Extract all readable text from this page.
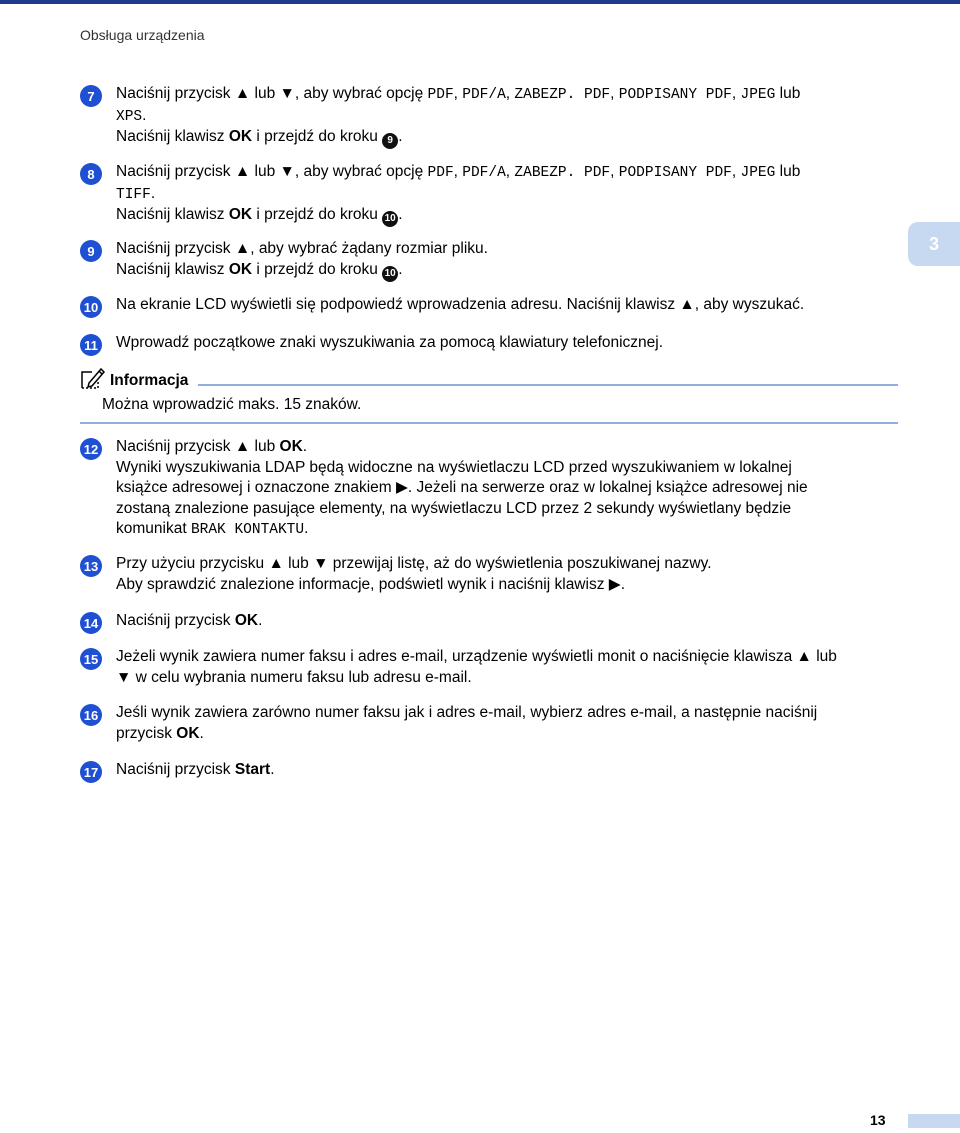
Obsługa urządzenia
3
7	Naciśnij przycisk ▲ lub ▼, aby wybrać opcję PDF, PDF/A, ZABEZP. PDF, PODPISANY PDF, JPEG lub
XPS.
Naciśnij klawisz OK i przejdź do kroku 9 .
8	Naciśnij przycisk ▲ lub ▼, aby wybrać opcję PDF, PDF/A, ZABEZP. PDF, PODPISANY PDF, JPEG lub
TIFF.
Naciśnij klawisz OK i przejdź do kroku 10 .
9	Naciśnij przycisk ▲, aby wybrać żądany rozmiar pliku.
Naciśnij klawisz OK i przejdź do kroku 10 .
10 Na ekranie LCD wyświetli się podpowiedź wprowadzenia adresu. Naciśnij klawisz ▲, aby wyszukać.
11 Wprowadź początkowe znaki wyszukiwania za pomocą klawiatury telefonicznej.
12 Naciśnij przycisk ▲ lub OK.
Wyniki wyszukiwania LDAP będą widoczne na wyświetlaczu LCD przed wyszukiwaniem w lokalnej
książce adresowej i oznaczone znakiem ▶. Jeżeli na serwerze oraz w lokalnej książce adresowej nie
zostaną znalezione pasujące elementy, na wyświetlaczu LCD przez 2 sekundy wyświetlany będzie
komunikat BRAK KONTAKTU.
13 Przy użyciu przycisku ▲ lub ▼ przewijaj listę, aż do wyświetlenia poszukiwanej nazwy.
Aby sprawdzić znalezione informacje, podświetl wynik i naciśnij klawisz ▶.
14 Naciśnij przycisk OK.
15 Jeżeli wynik zawiera numer faksu i adres e-mail, urządzenie wyświetli monit o naciśnięcie klawisza ▲ lub
▼ w celu wybrania numeru faksu lub adresu e-mail.
16 Jeśli wynik zawiera zarówno numer faksu jak i adres e-mail, wybierz adres e-mail, a następnie naciśnij
przycisk OK.
17 Naciśnij przycisk Start.
Informacja
Można wprowadzić maks. 15 znaków.
13
